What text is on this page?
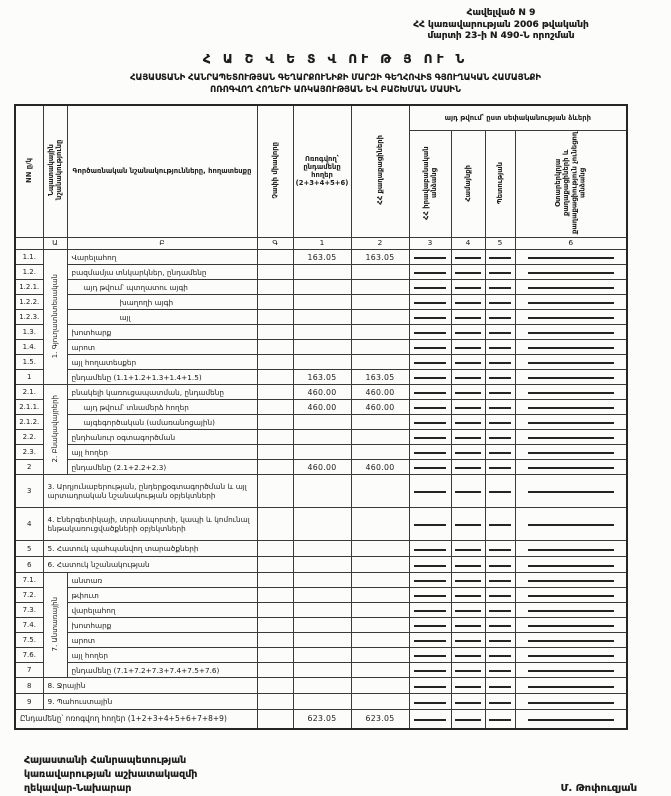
Հավելված N 9
ՀՀ կառավարության 2006 թվականի
մարտի 23-ի N 490-Ն որոշման
Հ Ա Շ Վ Ե Տ Վ ՈՒ Թ Յ ՈՒ Ն
ՀԱՅԱՍՏԱՆԻ ՀԱՆՐԱՊԵՏՈՒԹՅԱՆ ԳԵՂԱՐՔՈՒՆԻՔԻ ՄԱՐԶԻ ԳԵՂՀՈՎԻՏ ԳՅՈՒՂԱԿԱՆ ՀԱՄԱՅՆՔԻ
ՈՌՈԳՎՈՂ ՀՈՂԵՐԻ ԱՌԿԱՅՈՒԹՅԱՆ ԵՎ ԲԱՇԽՄԱՆ ՄԱՍԻՆ
NN ը/կ	Նպատակային նշանակությունը	Գործառնական նշանակությունները, հողատեսքը	Չափի միավորը	Ոռոգվող՝ ընդամենը հողեր (2+3+4+5+6)	ՀՀ քաղաքացիների	այդ թվում՝ ըստ սեփականության ձևերի			
						ՀՀ իրավաբանական անձանց	Համայնքի	Պետության	Օտարերկրյա քաղաքացիների և քաղաքացիություն չունեցող անձանց
	Ա	Բ	Գ	1	2	3	4	5	6
1.1.	1. Գյուղատնտեսական	Վարելահող		163.05	163.05				
1.2.		բազմամյա տնկարկներ, ընդամենը							
1.2.1.		այդ թվում՝ պտղատու այգի							
1.2.2.		խաղողի այգի							
1.2.3.		այլ							
1.3.		խոտհարք							
1.4.		արոտ							
1.5.		այլ հողատեսքեր							
1		ընդամենը (1.1+1.2+1.3+1.4+1.5)		163.05	163.05				
2.1.	2. Բնակավայրերի	բնակելի կառուցապատման, ընդամենը		460.00	460.00				
2.1.1.		այդ թվում՝ տնամերձ հողեր		460.00	460.00				
2.1.2.		այգեգործական (ամառանոցային)							
2.2.		ընդհանուր օգտագործման							
2.3.		այլ հողեր							
2		ընդամենը (2.1+2.2+2.3)		460.00	460.00				
3	3. Արդյունաբերության, ընդերքօգտագործման և այլ արտադրական նշանակության օբյեկտների								
4	4. Էներգետիկայի, տրանսպորտի, կապի և կոմունալ ենթակառուցվածքների օբյեկտների								
5	5. Հատուկ պահպանվող տարածքների								
6	6. Հատուկ նշանակության								
7.1.	7. Անտառային	անտառ							
7.2.		թփուտ							
7.3.		վարելահող							
7.4.		խոտհարք							
7.5.		արոտ							
7.6.		այլ հողեր							
7		ընդամենը (7.1+7.2+7.3+7.4+7.5+7.6)							
8	8. Ջրային								
9	9. Պահուստային								
Ընդամենը՝ ոռոգվող հողեր (1+2+3+4+5+6+7+8+9)				623.05	623.05				
Հայաստանի Հանրապետության
կառավարության աշխատակազմի
ղեկավար-Նախարար	Մ. Թոփուզյան
